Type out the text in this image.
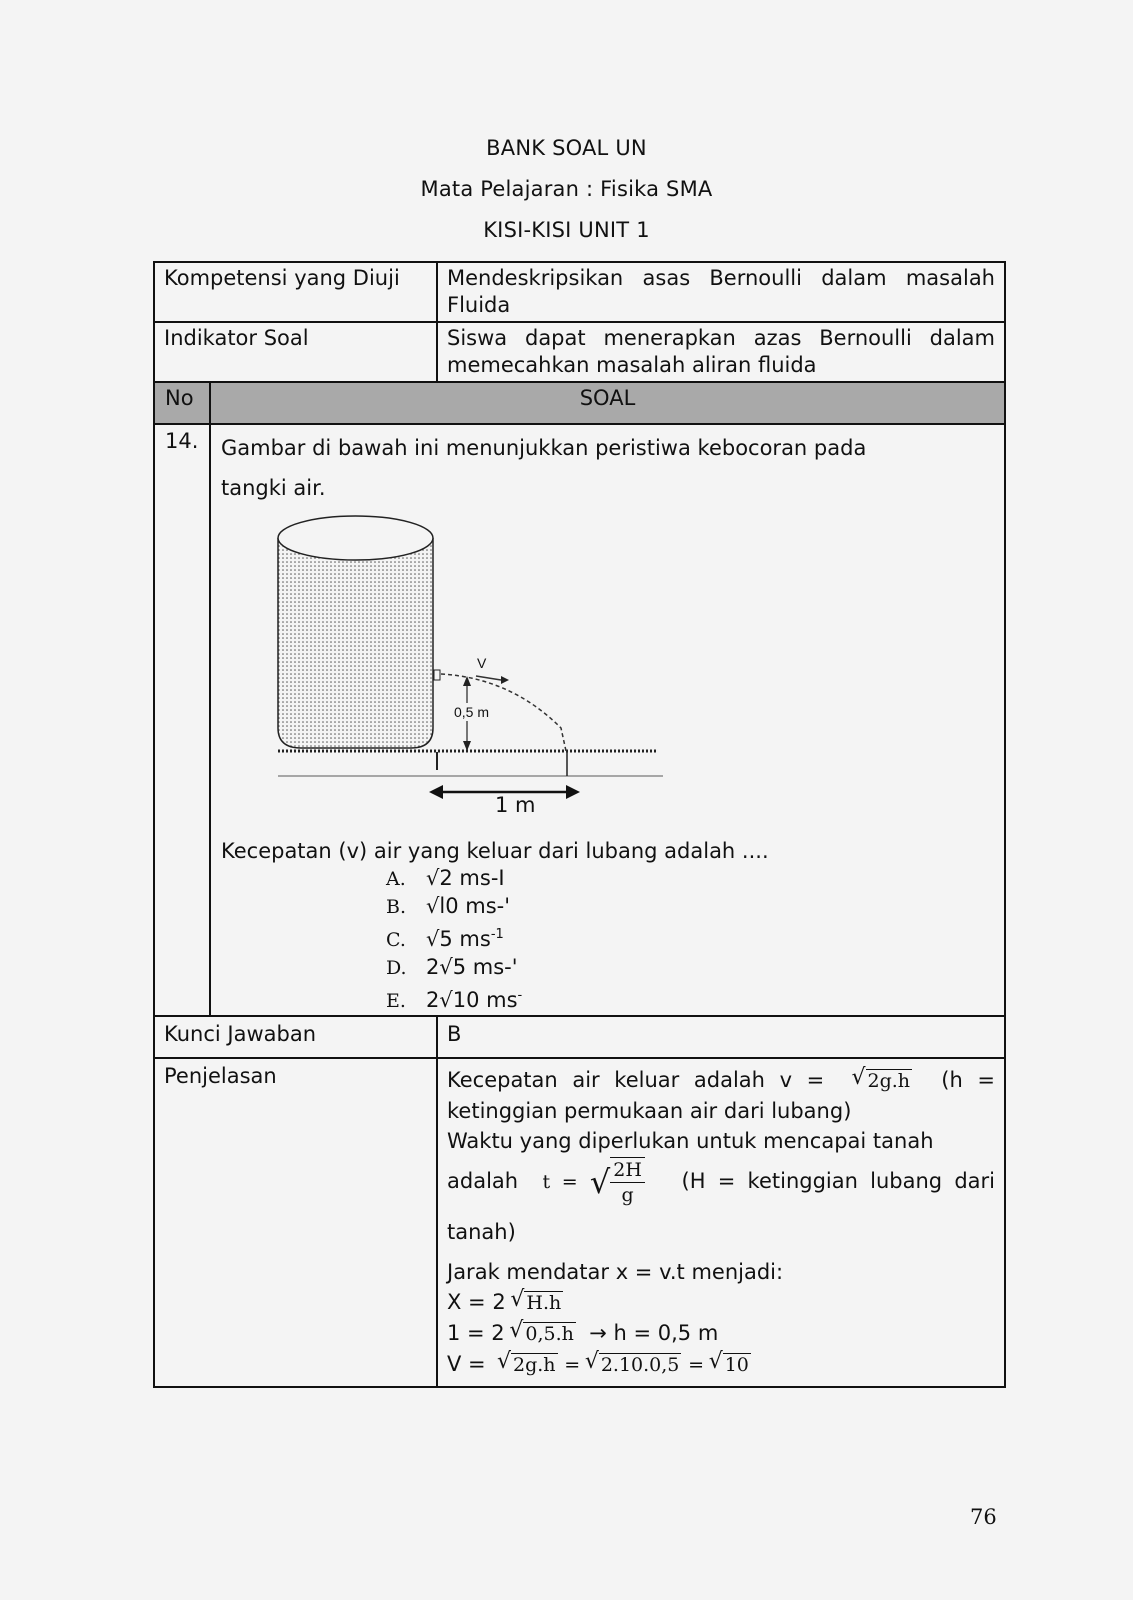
BANK SOAL UN
Mata Pelajaran : Fisika SMA
KISI-KISI UNIT 1
Kompetensi yang Diuji	Mendeskripsikan asas Bernoulli dalam masalah Fluida
Indikator Soal	Siswa dapat menerapkan azas Bernoulli dalam memecahkan masalah aliran fluida
No	SOAL
14.	Gambar di bawah ini menunjukkan peristiwa kebocoran pada tangki air.
0,5 m
V
1 m
Kecepatan (v) air yang keluar dari lubang adalah ....
A. √2 ms-I
B. √l0 ms-'
C. √5 $ms^{-1}$
D. 2√5 ms-'
E. 2√10 ms-
Kunci Jawaban	B
Penjelasan	Kecepatan air keluar adalah v = √ 2g.h (h = ketinggian permukaan air dari lubang)
Waktu yang diperlukan untuk mencapai tanah
adalah t = √ $\frac{2H}{g} (H$ = ketinggian lubang dari tanah)
Jarak mendatar x = v.t menjadi:
X = 2 √ H.h
1 = 2 √ 0,5.h → h = 0,5 m
V = √ 2g.h = √ 2.10.0,5 = √ 10
76
